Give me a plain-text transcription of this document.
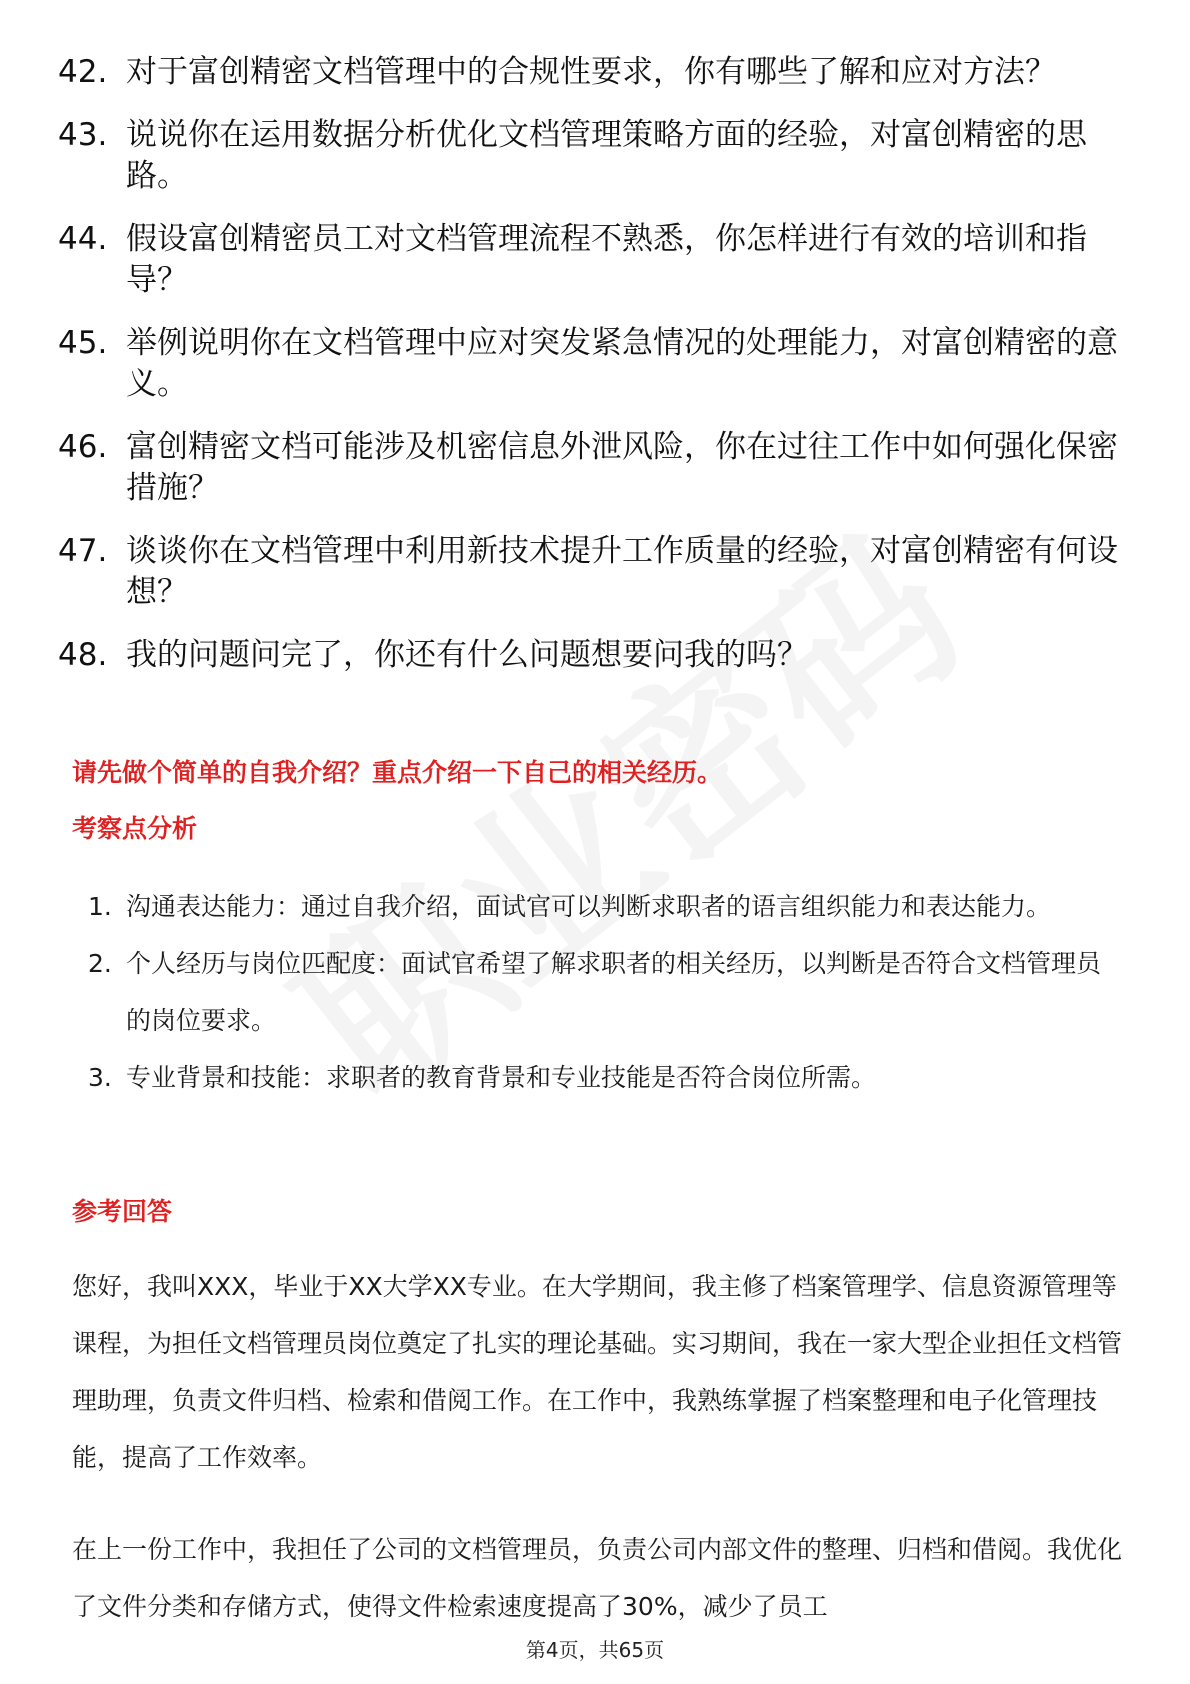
42. 对于富创精密文档管理中的合规性要求，你有哪些了解和应对方法？
43. 说说你在运用数据分析优化文档管理策略方面的经验，对富创精密的思路。
44. 假设富创精密员工对文档管理流程不熟悉，你怎样进行有效的培训和指导？
45. 举例说明你在文档管理中应对突发紧急情况的处理能力，对富创精密的意义。
46. 富创精密文档可能涉及机密信息外泄风险，你在过往工作中如何强化保密措施？
47. 谈谈你在文档管理中利用新技术提升工作质量的经验，对富创精密有何设想？
48. 我的问题问完了，你还有什么问题想要问我的吗？
请先做个简单的自我介绍？重点介绍一下自己的相关经历。
考察点分析
1. 沟通表达能力：通过自我介绍，面试官可以判断求职者的语言组织能力和表达能力。
2. 个人经历与岗位匹配度：面试官希望了解求职者的相关经历，以判断是否符合文档管理员的岗位要求。
3. 专业背景和技能：求职者的教育背景和专业技能是否符合岗位所需。
参考回答
您好，我叫XXX，毕业于XX大学XX专业。在大学期间，我主修了档案管理学、信息资源管理等课程，为担任文档管理员岗位奠定了扎实的理论基础。实习期间，我在一家大型企业担任文档管理助理，负责文件归档、检索和借阅工作。在工作中，我熟练掌握了档案整理和电子化管理技能，提高了工作效率。
在上一份工作中，我担任了公司的文档管理员，负责公司内部文件的整理、归档和借阅。我优化了文件分类和存储方式，使得文件检索速度提高了30%，减少了员工
第4页，共65页
